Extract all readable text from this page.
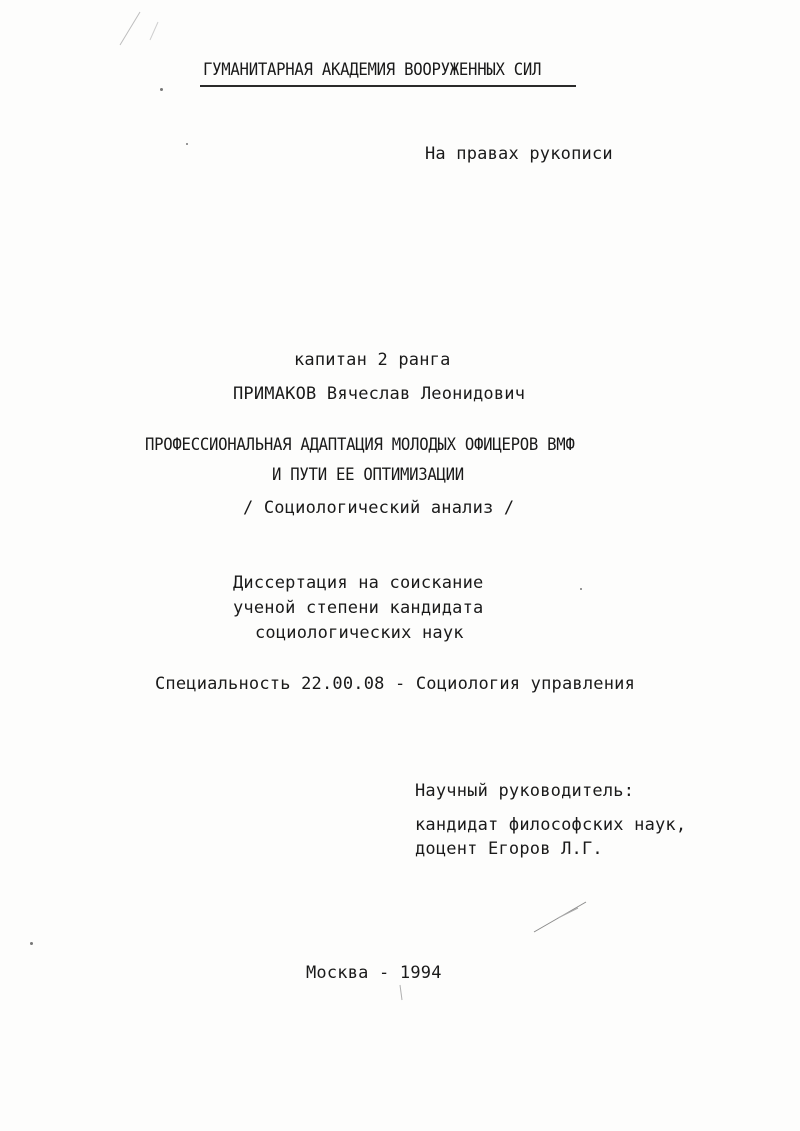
ГУМАНИТАРНАЯ АКАДЕМИЯ ВООРУЖЕННЫХ СИЛ
На правах рукописи
капитан 2 ранга
ПРИМАКОВ Вячеслав Леонидович
ПРОФЕССИОНАЛЬНАЯ АДАПТАЦИЯ МОЛОДЫХ ОФИЦЕРОВ ВМФ
И ПУТИ ЕЕ ОПТИМИЗАЦИИ
/ Социологический анализ /
Диссертация на соискание
ученой степени кандидата
социологических наук
Специальность 22.00.08 - Социология управления
Научный руководитель:
кандидат философских наук,
доцент Егоров Л.Г.
Москва - 1994
